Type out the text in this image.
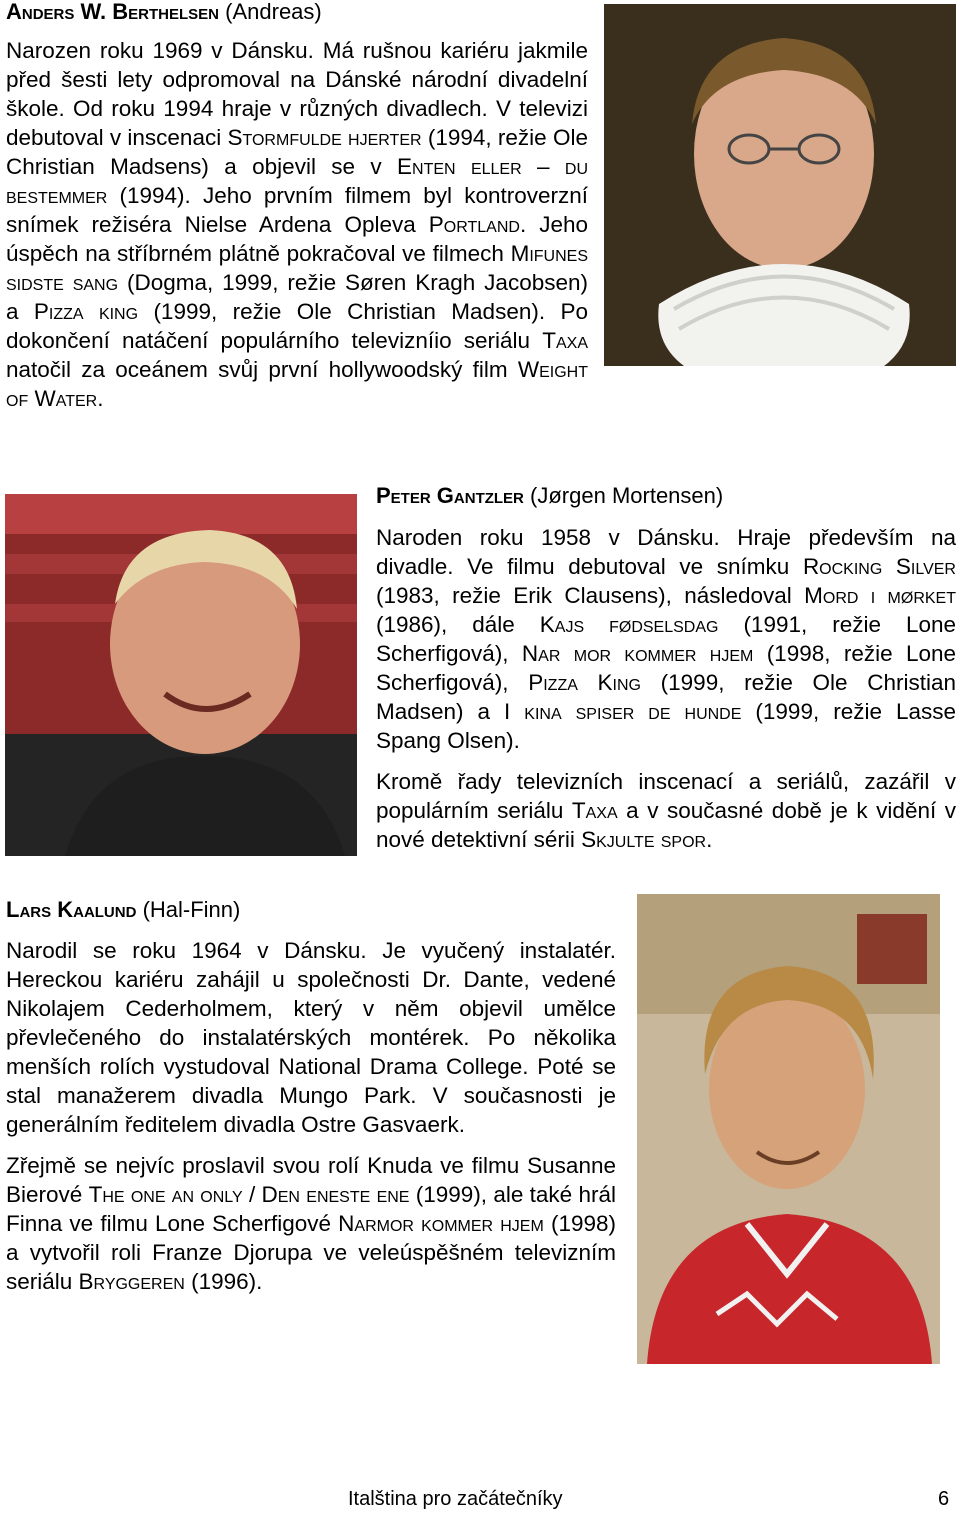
Anders W. Berthelsen (Andreas)

Narozen roku 1969 v Dánsku. Má rušnou kariéru jakmile před šesti lety odpromoval na Dánské národní divadelní škole. Od roku 1994 hraje v různých divadlech. V televizi debutoval v inscenaci Stormfulde hjerter (1994, režie Ole Christian Madsens) a objevil se v Enten eller – du bestemmer (1994). Jeho prvním filmem byl kontroverzní snímek režiséra Nielse Ardena Opleva Portland. Jeho úspěch na stříbrném plátně pokračoval ve filmech Mifunes sidste sang (Dogma, 1999, režie Søren Kragh Jacobsen) a Pizza king (1999, režie Ole Christian Madsen). Po dokončení natáčení populárního televizníio seriálu Taxa natočil za oceánem svůj první hollywoodský film Weight of Water.

Peter Gantzler (Jørgen Mortensen)

Naroden roku 1958 v Dánsku. Hraje především na divadle. Ve filmu debutoval ve snímku Rocking Silver (1983, režie Erik Clausens), následoval Mord i mørket (1986), dále Kajs fødselsdag (1991, režie Lone Scherfigová), Nar mor kommer hjem (1998, režie Lone Scherfigová), Pizza King (1999, režie Ole Christian Madsen) a I kina spiser de hunde (1999, režie Lasse Spang Olsen).

Kromě řady televizních inscenací a seriálů, zazářil v populárním seriálu Taxa a v současné době je k vidění v nové detektivní sérii Skjulte spor.

Lars Kaalund (Hal-Finn)

Narodil se roku 1964 v Dánsku. Je vyučený instalatér. Hereckou kariéru zahájil u společnosti Dr. Dante, vedené Nikolajem Cederholmem, který v něm objevil umělce převlečeného do instalatérských montérek. Po několika menších rolích vystudoval National Drama College. Poté se stal manažerem divadla Mungo Park. V současnosti je generálním ředitelem divadla Ostre Gasvaerk.

Zřejmě se nejvíc proslavil svou rolí Knuda ve filmu Susanne Bierové The one an only / Den eneste ene (1999), ale také hrál Finna ve filmu Lone Scherfigové Narmor kommer hjem (1998) a vytvořil roli Franze Djorupa ve veleúspěšném televizním seriálu Bryggeren (1996).

Italština pro začátečníky	6
